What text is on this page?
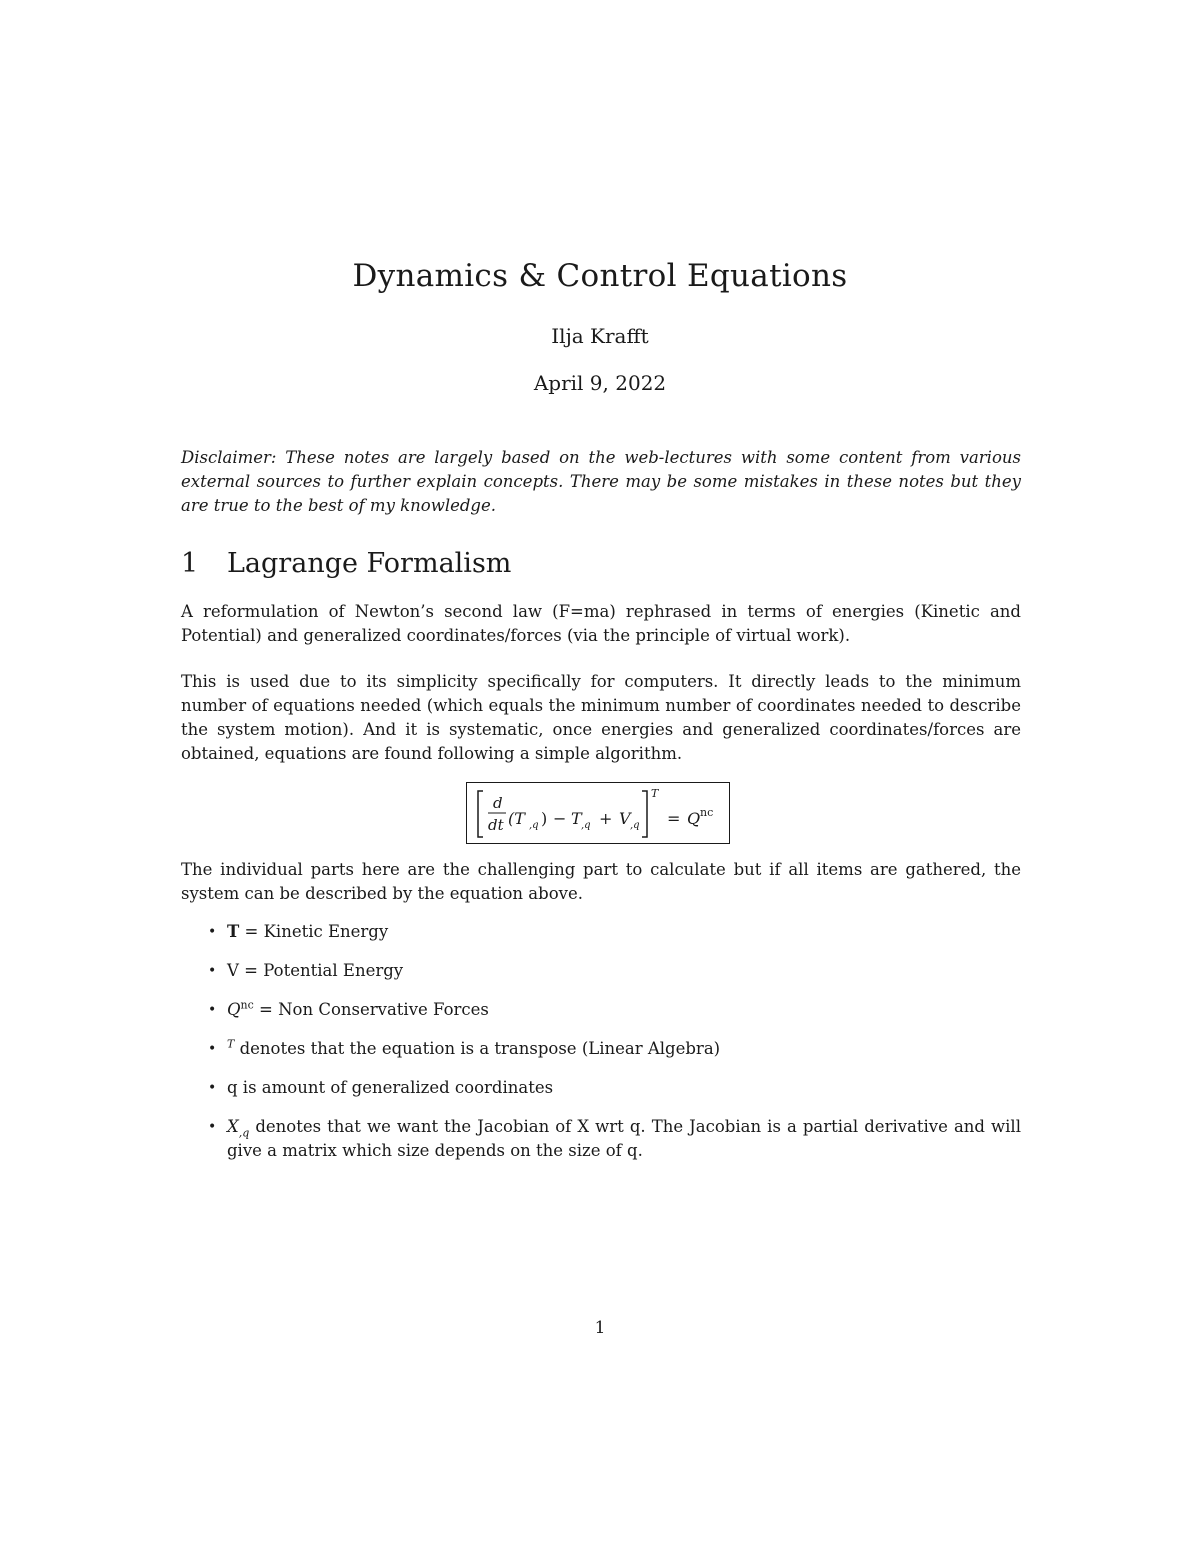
Dynamics & Control Equations
Ilja Krafft
April 9, 2022

Disclaimer: These notes are largely based on the web-lectures with some content from various external sources to further explain concepts. There may be some mistakes in these notes but they are true to the best of my knowledge.

1 Lagrange Formalism

A reformulation of Newton’s second law (F=ma) rephrased in terms of energies (Kinetic and Potential) and generalized coordinates/forces (via the principle of virtual work).

This is used due to its simplicity specifically for computers. It directly leads to the minimum number of equations needed (which equals the minimum number of coordinates needed to describe the system motion). And it is systematic, once energies and generalized coordinates/forces are obtained, equations are found following a simple algorithm.

d
dt (T ,q ) − T ,q + V ,q
T
= Q nc

The individual parts here are the challenging part to calculate but if all items are gathered, the system can be described by the equation above.

• T = Kinetic Energy
• V = Potential Energy
• $Q^{nc}$ = Non Conservative Forces
• $^T$ denotes that the equation is a transpose (Linear Algebra)
• q is amount of generalized coordinates
• $X_{,q}$ denotes that we want the Jacobian of X wrt q. The Jacobian is a partial derivative and will give a matrix which size depends on the size of q.
1
